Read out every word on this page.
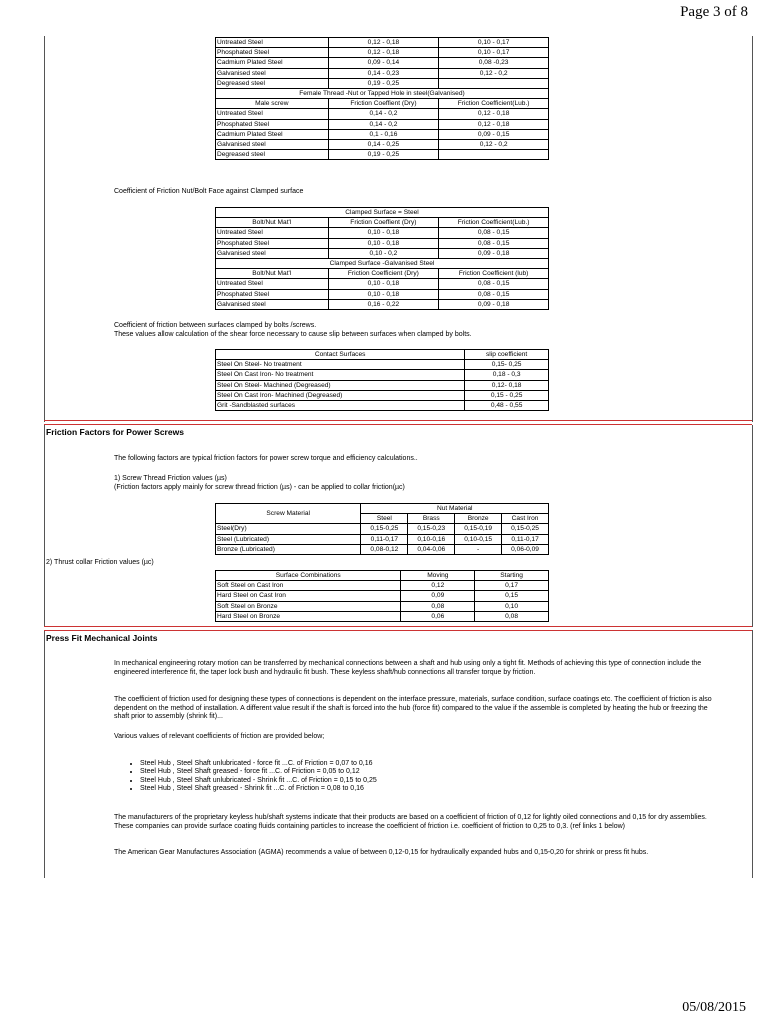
Page 3 of 8
Untreated Steel	0,12 - 0,18	0,10 - 0,17
Phosphated Steel	0,12 - 0,18	0,10 - 0,17
Cadmium Plated Steel	0,09 - 0,14	0,08 -0,23
Galvanised steel	0,14 - 0,23	0,12 - 0,2
Degreased steel	0,19 - 0,25	
Female Thread -Nut or Tapped Hole in steel(Galvanised)		
Male screw	Friction Coeffient (Dry)	Friction Coefficient(Lub.)
Untreated Steel	0,14 - 0,2	0,12 - 0,18
Phosphated Steel	0,14 - 0,2	0,12 - 0,18
Cadmium Plated Steel	0,1 - 0,16	0,09 - 0,15
Galvanised steel	0,14 - 0,25	0,12 - 0,2
Degreased steel	0,19 - 0,25	
Coefficient of Friction Nut/Bolt Face against Clamped surface
Clamped Surface = Steel		
Bolt/Nut Mat'l	Friction Coeffient (Dry)	Friction Coefficient(Lub.)
Untreated Steel	0,10 - 0,18	0,08 - 0,15
Phosphated Steel	0,10 - 0,18	0,08 - 0,15
Galvanised steel	0,10 - 0,2	0,09 - 0,18
Clamped Surface -Galvanised Steel		
Bolt/Nut Mat'l	Friction Coefficient (Dry)	Friction Coefficient (lub)
Untreated Steel	0,10 - 0,18	0,08 - 0,15
Phosphated Steel	0,10 - 0,18	0,08 - 0,15
Galvanised steel	0,16 - 0,22	0,09 - 0,18
Coefficient of friction between surfaces clamped by bolts /screws.
These values allow calculation of the shear force necessary to cause slip between surfaces when clamped by bolts.
Contact Surfaces	slip coefficient
Steel On Steel- No treatment	0,15- 0,25
Steel On Cast Iron- No treatment	0,18 - 0,3
Steel On Steel- Machined (Degreased)	0,12- 0,18
Steel On Cast Iron- Machined (Degreased)	0,15 - 0,25
Grit -Sandblasted surfaces	0,48 - 0,55
Friction Factors for Power Screws
The following factors are typical friction factors for power screw torque and efficiency calculations..
1) Screw Thread Friction values (µs)
(Friction factors apply mainly for screw thread friction (µs) - can be applied to collar friction(µc)
Screw Material	Nut Material			
	Steel	Brass	Bronze	Cast Iron
Steel(Dry)	0,15-0,25	0,15-0,23	0,15-0,19	0,15-0,25
Steel (Lubricated)	0,11-0,17	0,10-0,16	0,10-0,15	0,11-0,17
Bronze (Lubricated)	0,08-0,12	0,04-0,06	-	0,06-0,09
2) Thrust collar Friction values (µc)
Surface Combinations	Moving	Starting
Soft Steel on Cast Iron	0,12	0,17
Hard Steel on Cast Iron	0,09	0,15
Soft Steel on Bronze	0,08	0,10
Hard Steel on Bronze	0,06	0,08
Press Fit Mechanical Joints
In mechanical engineering rotary motion can be transferred by mechanical connections between a shaft and hub using only a tight fit. Methods of achieving this type of connection include the engineered interference fit, the taper lock bush and hydraulic fit bush. These keyless shaft/hub connections all transfer torque by friction.
The coefficient of friction used for designing these types of connections is dependent on the interface pressure, materials, surface condition, surface coatings etc. The coefficient of friction is also dependent on the method of installation. A different value result if the shaft is forced into the hub (force fit) compared to the value if the assemble is completed by heating the hub or freezing the shaft prior to assembly (shrink fit)...
Various values of relevant coefficients of friction are provided below;
• Steel Hub , Steel Shaft unlubricated - force fit ...C. of Friction = 0,07 to 0,16
• Steel Hub , Steel Shaft greased - force fit ...C. of Friction = 0,05 to 0,12
• Steel Hub , Steel Shaft unlubricated - Shrink fit ...C. of Friction = 0,15 to 0,25
• Steel Hub , Steel Shaft greased - Shrink fit ...C. of Friction = 0,08 to 0,16
The manufacturers of the proprietary keyless hub/shaft systems indicate that their products are based on a coefficient of friction of 0,12 for lightly oiled connections and 0,15 for dry assemblies. These companies can provide surface coating fluids containing particles to increase the coefficient of friction i.e. coefficient of friction to 0,25 to 0,3. (ref links 1 below)
The American Gear Manufactures Association (AGMA) recommends a value of between 0,12-0,15 for hydraulically expanded hubs and 0,15-0,20 for shrink or press fit hubs.
05/08/2015
